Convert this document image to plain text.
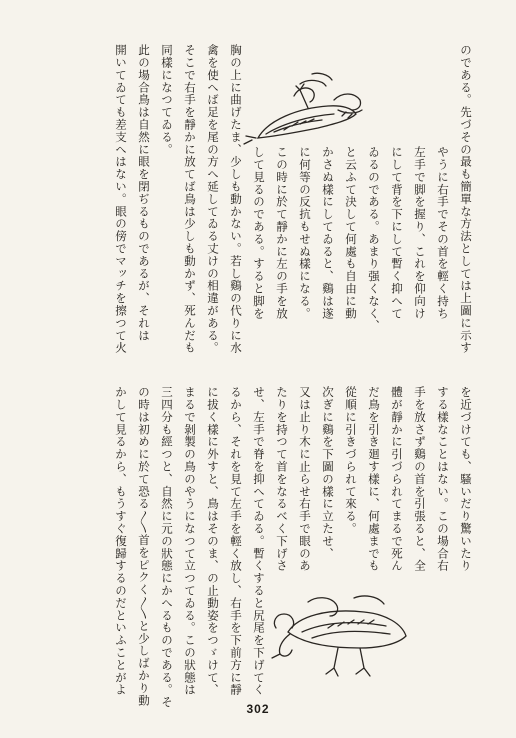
のである。先づその最も簡單な方法としては上圖に示す
やうに右手でその首を輕く持ち
左手で脚を握り、これを仰向け
にして背を下にして暫く抑へて
ゐるのである。あまり强くなく、
と云ふて決して何處も自由に動
かさぬ樣にしてゐると、鷄は遂
に何等の反抗もせぬ樣になる。
この時に於て靜かに左の手を放
して見るのである。すると脚を
胸の上に曲げたま、少しも動かない。若し鷄の代りに水
禽を使へば足を尾の方へ延してゐる丈けの相違がある。
そこで右手を靜かに放てば鳥は少しも動かず、死んだも
同樣になつてゐる。
此の場合鳥は自然に眼を閉ぢるものであるが、それは
開いてゐても差支へはない。眼の傍でマッチを擦つて火
を近づけても、騷いだり驚いたり
する樣なことはない。この場合右
手を放さず鷄の首を引張ると、全
體が靜かに引づられてまるで死ん
だ鳥を引き廻す樣に、何處までも
從順に引きづられて來る。
次ぎに鷄を下圖の樣に立たせ、
又は止り木に止らせ右手で眼のあ
たりを持つて首をなるべく下げさ
せ、左手で脊を抑へてゐる。暫くすると尻尾を下げてく
るから、それを見て左手を輕く放し、右手を下前方に靜
に拔く樣に外すと、鳥はそのま、の止動姿をつゞけて、
まるで剝製の鳥のやうになつて立つてゐる。この狀態は
三四分も經つと、自然に元の狀態にかへるものである。そ
の時は初めに於て恐る〱首をピクく〱と少しばかり動
かして見るから、もうすぐ復歸するのだといふことがよ
302
